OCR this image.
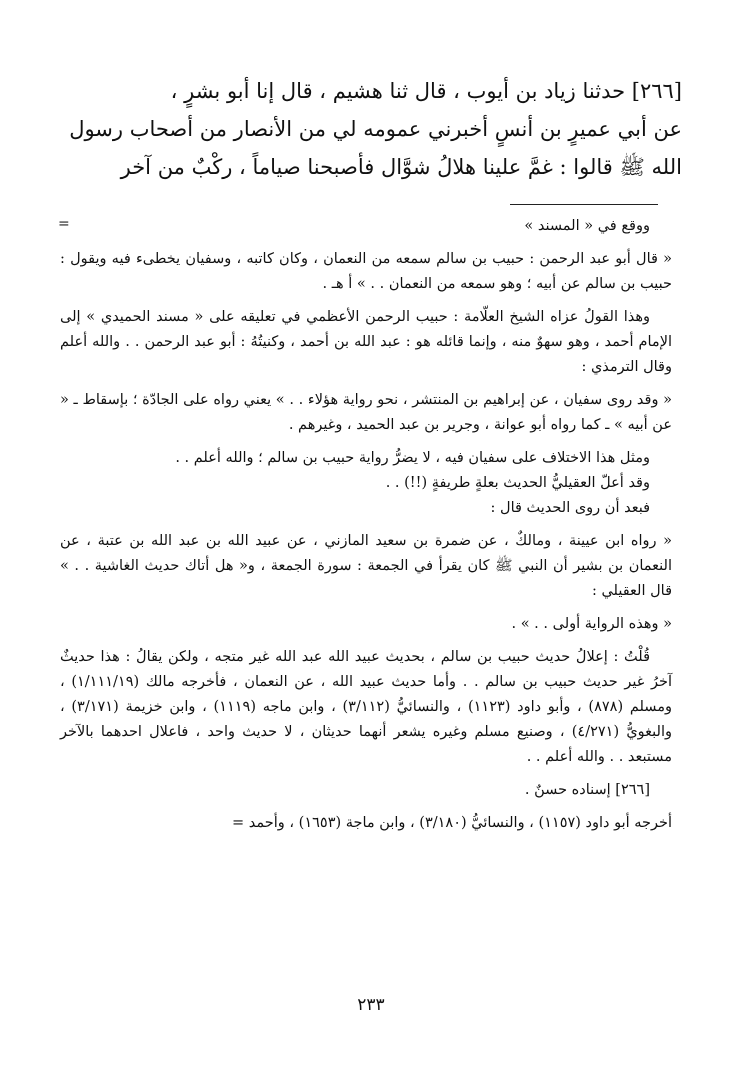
[٢٦٦] حدثنا زياد بن أيوب ، قال ثنا هشيم ، قال إنا أبو بشرٍ ،

عن أبي عميرٍ بن أنسٍ أخبرني عمومه لي من الأنصار من أصحاب رسول

الله ﷺ قالوا : غمَّ علينا هلالُ شوَّال فأصبحنا صياماً ، ركْبٌ من آخر

=	ووقع في « المسند »

« قال أبو عبد الرحمن : حبيب بن سالم سمعه من النعمان ، وكان كاتبه ، وسفيان يخطىء فيه ويقول : حبيب بن سالم عن أبيه ؛ وهو سمعه من النعمان . . » أ هـ .

وهذا القولُ عزاه الشيخ العلّامة : حبيب الرحمن الأعظمي في تعليقه على « مسند الحميدي » إلى الإمام أحمد ، وهو سهوٌ منه ، وإنما قائله هو : عبد الله بن أحمد ، وكنيتُهُ : أبو عبد الرحمن . . والله أعلم وقال الترمذي :

« وقد روى سفيان ، عن إبراهيم بن المنتشر ، نحو رواية هؤلاء . . » يعني رواه على الجادّة ؛ بإسقاط ـ « عن أبيه » ـ كما رواه أبو عوانة ، وجرير بن عبد الحميد ، وغيرهم .

ومثل هذا الاختلاف على سفيان فيه ، لا يضرُّ رواية حبيب بن سالم ؛ والله أعلم . .

وقد أعلّ العقيليُّ الحديث بعلةٍ طريفةٍ (!!) . .

فبعد أن روى الحديث قال :

« رواه ابن عيينة ، ومالكٌ ، عن ضمرة بن سعيد المازني ، عن عبيد الله بن عبد الله بن عتبة ، عن النعمان بن بشير أن النبي ﷺ كان يقرأ في الجمعة : سورة الجمعة ، و« هل أتاك حديث الغاشية . . » قال العقيلي :

« وهذه الرواية أولى . . » .

قُلْتُ : إعلالُ حديث حبيب بن سالم ، بحديث عبيد الله عبد الله غير متجه ، ولكن يقالُ : هذا حديثٌ آخرُ غير حديث حبيب بن سالم . . وأما حديث عبيد الله ، عن النعمان ، فأخرجه مالك (١/١١١/١٩) ، ومسلم (٨٧٨) ، وأبو داود (١١٢٣) ، والنسائيُّ (٣/١١٢) ، وابن ماجه (١١١٩) ، وابن خزيمة (٣/١٧١) ، والبغويُّ (٤/٢٧١) ، وصنيع مسلم وغيره يشعر أنهما حديثان ، لا حديث واحد ، فاعلال احدهما بالآخر مستبعد . . والله أعلم . .

[٢٦٦] إسناده حسنٌ .

أخرجه أبو داود (١١٥٧) ، والنسائيُّ (٣/١٨٠) ، وابن ماجة (١٦٥٣) ، وأحمد =

٢٣٣
